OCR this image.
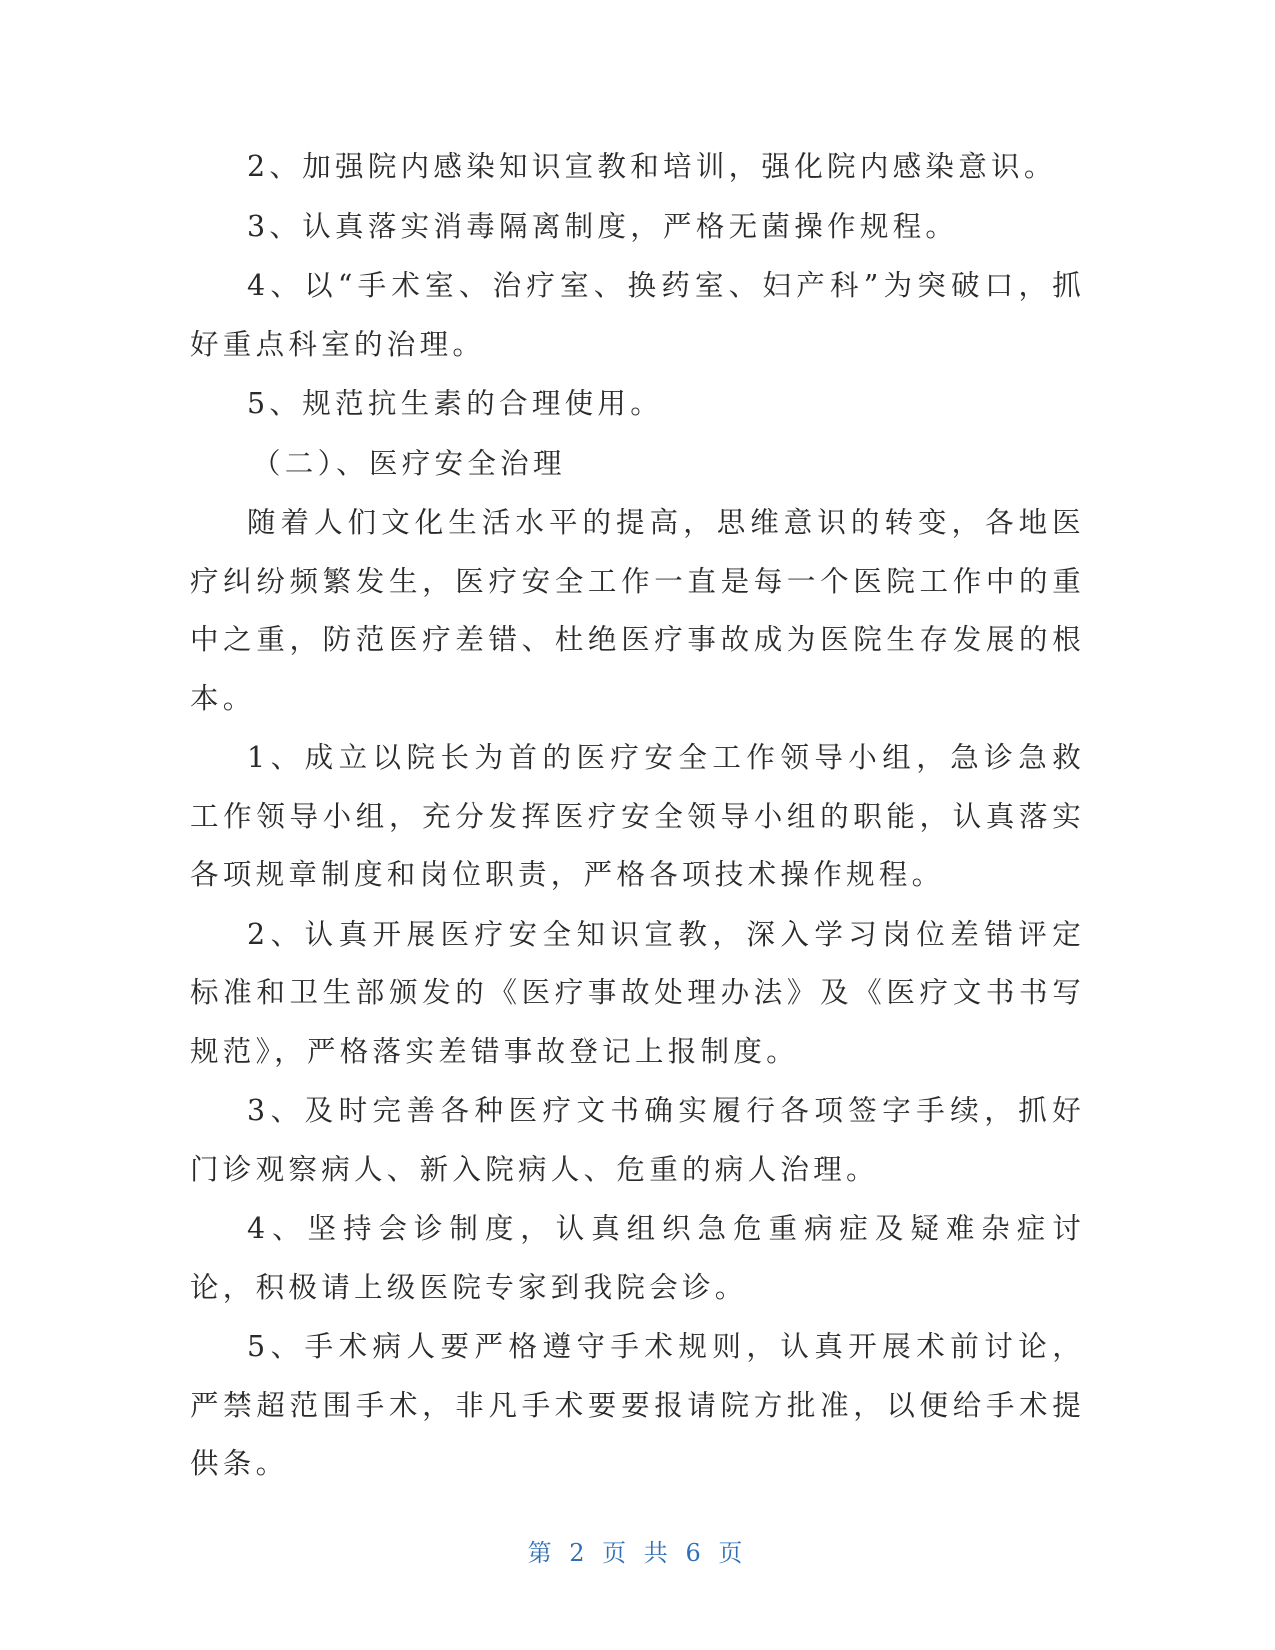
2、加强院内感染知识宣教和培训，强化院内感染意识。

3、认真落实消毒隔离制度，严格无菌操作规程。

4、以“手术室、治疗室、换药室、妇产科”为突破口，抓好重点科室的治理。

5、规范抗生素的合理使用。

（二）、医疗安全治理

随着人们文化生活水平的提高，思维意识的转变，各地医疗纠纷频繁发生，医疗安全工作一直是每一个医院工作中的重中之重，防范医疗差错、杜绝医疗事故成为医院生存发展的根本。

1、成立以院长为首的医疗安全工作领导小组，急诊急救工作领导小组，充分发挥医疗安全领导小组的职能，认真落实各项规章制度和岗位职责，严格各项技术操作规程。

2、认真开展医疗安全知识宣教，深入学习岗位差错评定标准和卫生部颁发的《医疗事故处理办法》及《医疗文书书写规范》，严格落实差错事故登记上报制度。

3、及时完善各种医疗文书确实履行各项签字手续，抓好门诊观察病人、新入院病人、危重的病人治理。

4、坚持会诊制度，认真组织急危重病症及疑难杂症讨论，积极请上级医院专家到我院会诊。

5、手术病人要严格遵守手术规则，认真开展术前讨论，严禁超范围手术，非凡手术要要报请院方批准，以便给手术提供条。

第 2 页 共 6 页
